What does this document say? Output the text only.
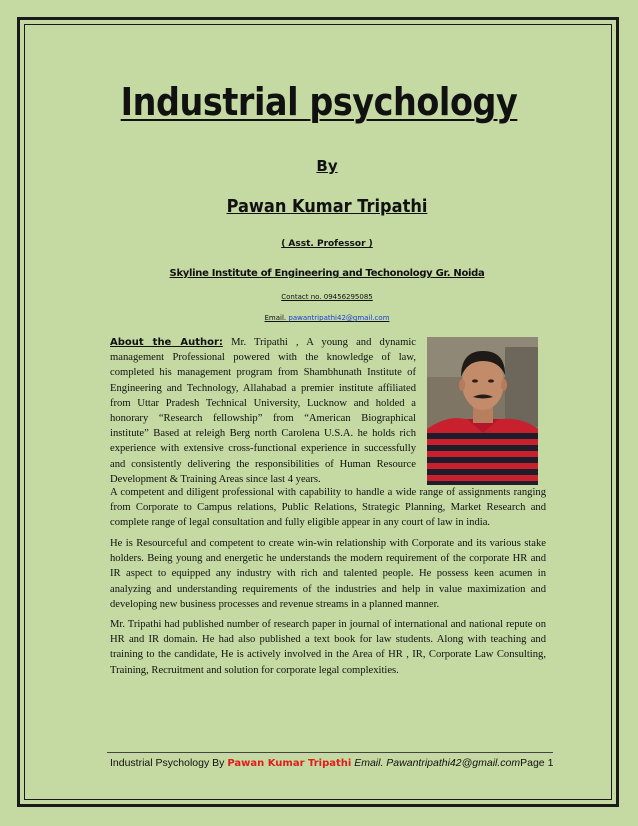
Industrial psychology
By
Pawan Kumar Tripathi
( Asst. Professor )
Skyline Institute of Engineering and Techonology Gr. Noida
Contact no. 09456295085
Email. pawantripathi42@gmail.com
About the Author: Mr. Tripathi , A young and dynamic management Professional powered with the knowledge of law, completed his management program from Shambhunath Institute of Engineering and Technology, Allahabad a premier institute affiliated from Uttar Pradesh Technical University, Lucknow and holded a honorary “Research fellowship” from “American Biographical institute” Based at releigh Berg north Carolena U.S.A. he holds rich experience with extensive cross-functional experience in successfully and consistently delivering the responsibilities of Human Resource Development & Training Areas since last 4 years.
A competent and diligent professional with capability to handle a wide range of assignments ranging from Corporate to Campus relations, Public Relations, Strategic Planning, Market Research and complete range of legal consultation and fully eligible appear in any court of law in india.
He is Resourceful and competent to create win-win relationship with Corporate and its various stake holders. Being young and energetic he understands the modern requirement of the corporate HR and IR aspect to equipped any industry with rich and talented people. He possess keen acumen in analyzing and understanding requirements of the industries and help in value maximization and developing new business processes and revenue streams in a planned manner.
Mr. Tripathi had published number of research paper in journal of international and national repute on HR and IR domain. He had also published a text book for law students. Along with teaching and training to the candidate, He is actively involved in the Area of HR , IR, Corporate Law Consulting, Training, Recruitment and solution for corporate legal complexities.
Industrial Psychology By Pawan Kumar Tripathi Email. Pawantripathi42@gmail.comPage 1
